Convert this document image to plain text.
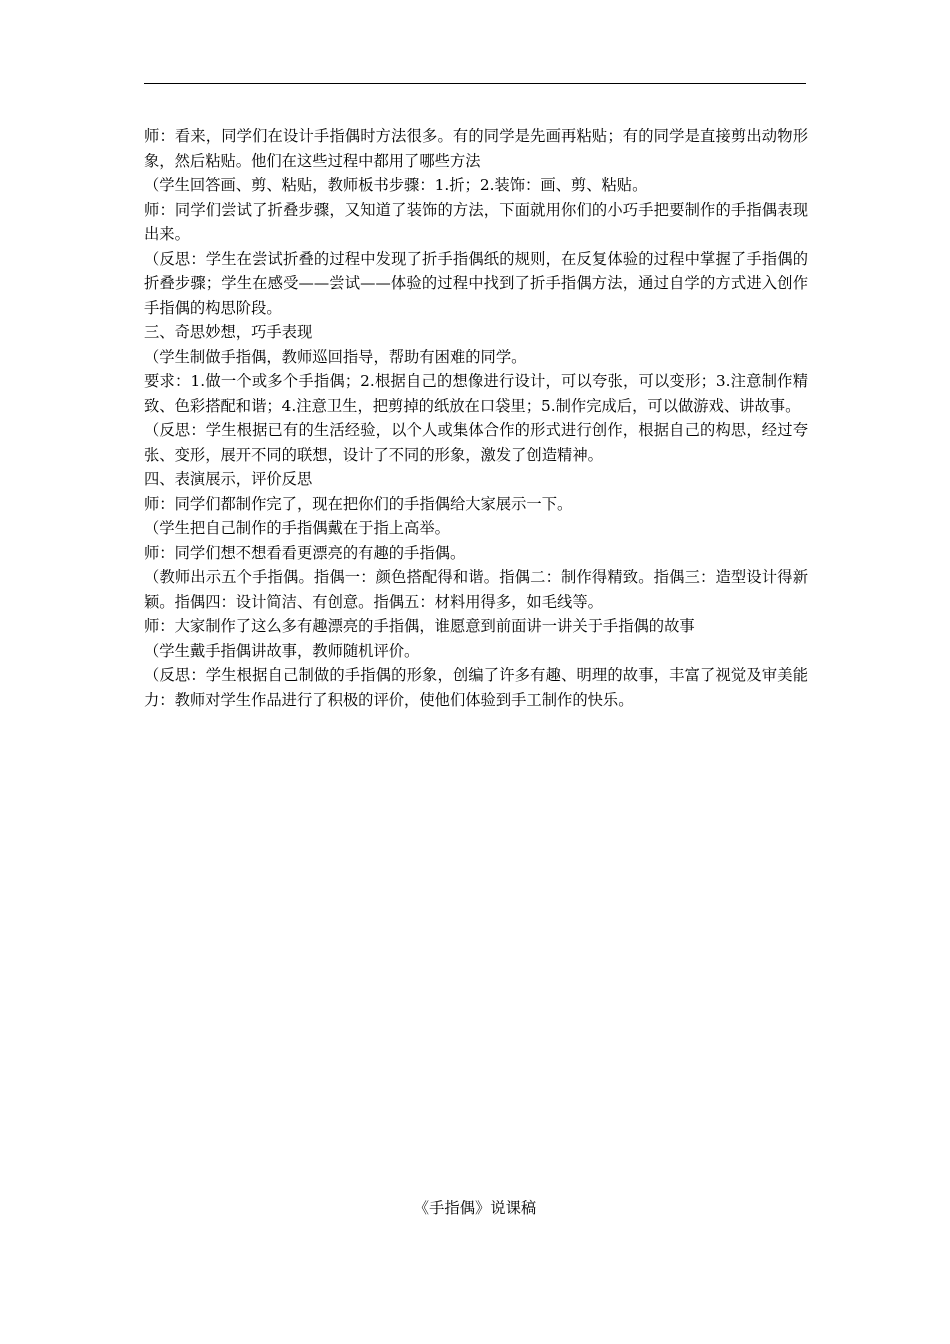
师：看来，同学们在设计手指偶时方法很多。有的同学是先画再粘贴；有的同学是直接剪出动物形象，然后粘贴。他们在这些过程中都用了哪些方法

（学生回答画、剪、粘贴，教师板书步骤：1.折；2.装饰：画、剪、粘贴。

师：同学们尝试了折叠步骤，又知道了装饰的方法，下面就用你们的小巧手把要制作的手指偶表现出来。

（反思：学生在尝试折叠的过程中发现了折手指偶纸的规则，在反复体验的过程中掌握了手指偶的折叠步骤；学生在感受——尝试——体验的过程中找到了折手指偶方法，通过自学的方式进入创作手指偶的构思阶段。

三、奇思妙想，巧手表现

（学生制做手指偶，教师巡回指导，帮助有困难的同学。

要求：1.做一个或多个手指偶；2.根据自己的想像进行设计，可以夸张，可以变形；3.注意制作精致、色彩搭配和谐；4.注意卫生，把剪掉的纸放在口袋里；5.制作完成后，可以做游戏、讲故事。

（反思：学生根据已有的生活经验，以个人或集体合作的形式进行创作，根据自己的构思，经过夸张、变形，展开不同的联想，设计了不同的形象，激发了创造精神。

四、表演展示，评价反思

师：同学们都制作完了，现在把你们的手指偶给大家展示一下。

（学生把自己制作的手指偶戴在于指上高举。

师：同学们想不想看看更漂亮的有趣的手指偶。

（教师出示五个手指偶。指偶一：颜色搭配得和谐。指偶二：制作得精致。指偶三：造型设计得新颖。指偶四：设计简洁、有创意。指偶五：材料用得多，如毛线等。

师：大家制作了这么多有趣漂亮的手指偶，谁愿意到前面讲一讲关于手指偶的故事

（学生戴手指偶讲故事，教师随机评价。

（反思：学生根据自己制做的手指偶的形象，创编了许多有趣、明理的故事，丰富了视觉及审美能力：教师对学生作品进行了积极的评价，使他们体验到手工制作的快乐。

《手指偶》说课稿
